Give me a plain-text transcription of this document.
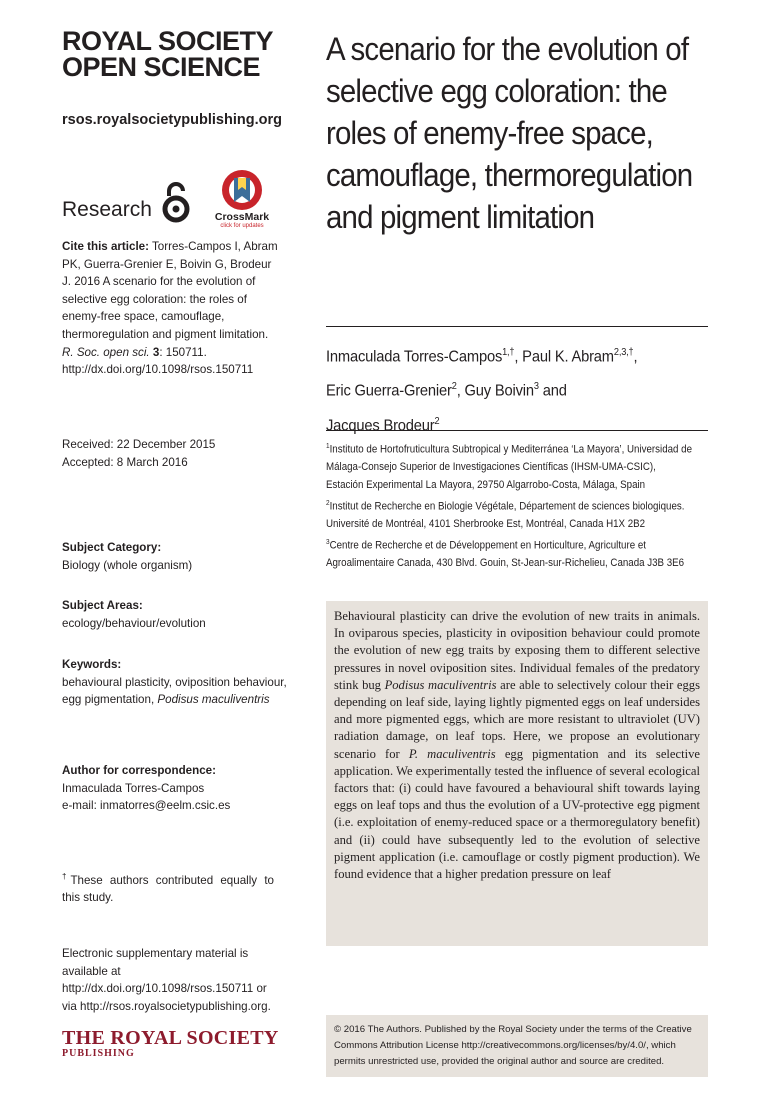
ROYAL SOCIETY
OPEN SCIENCE
rsos.royalsocietypublishing.org
Research	CrossMark
click for updates
Cite this article: Torres-Campos I, Abram PK, Guerra-Grenier E, Boivin G, Brodeur J. 2016 A scenario for the evolution of selective egg coloration: the roles of enemy-free space, camouflage, thermoregulation and pigment limitation. R. Soc. open sci. 3: 150711. http://dx.doi.org/10.1098/rsos.150711
Received: 22 December 2015
Accepted: 8 March 2016
Subject Category:
Biology (whole organism)
Subject Areas:
ecology/behaviour/evolution
Keywords:
behavioural plasticity, oviposition behaviour,
egg pigmentation, Podisus maculiventris
Author for correspondence:
Inmaculada Torres-Campos
e-mail: inmatorres@eelm.csic.es
†These authors contributed equally to this study.
Electronic supplementary material is available at http://dx.doi.org/10.1098/rsos.150711 or via http://rsos.royalsocietypublishing.org.
THE ROYAL SOCIETY
PUBLISHING
A scenario for the evolution of selective egg coloration: the roles of enemy-free space, camouflage, thermoregulation and pigment limitation
Inmaculada Torres-Campos$^{1,\dagger}$, Paul K. Abram$^{2,3,\dagger}$,
Eric Guerra-Grenier$^2$, Guy Boivin$^3$ and
Jacques Brodeur$^2$
$^1$Instituto de Hortofruticultura Subtropical y Mediterránea ‘La Mayora’, Universidad de
Málaga-Consejo Superior de Investigaciones Científicas (IHSM-UMA-CSIC),
Estación Experimental La Mayora, 29750 Algarrobo-Costa, Málaga, Spain
$^2$Institut de Recherche en Biologie Végétale, Département de sciences biologiques.
Université de Montréal, 4101 Sherbrooke Est, Montréal, Canada H1X 2B2
$^3$Centre de Recherche et de Développement en Horticulture, Agriculture et
Agroalimentaire Canada, 430 Blvd. Gouin, St-Jean-sur-Richelieu, Canada J3B 3E6

Behavioural plasticity can drive the evolution of new traits in animals. In oviparous species, plasticity in oviposition behaviour could promote the evolution of new egg traits by exposing them to different selective pressures in novel oviposition sites. Individual females of the predatory stink bug Podisus maculiventris are able to selectively colour their eggs depending on leaf side, laying lightly pigmented eggs on leaf undersides and more pigmented eggs, which are more resistant to ultraviolet (UV) radiation damage, on leaf tops. Here, we propose an evolutionary scenario for P. maculiventris egg pigmentation and its selective application. We experimentally tested the influence of several ecological factors that: (i) could have favoured a behavioural shift towards laying eggs on leaf tops and thus the evolution of a UV-protective egg pigment (i.e. exploitation of enemy-reduced space or a thermoregulatory benefit) and (ii) could have subsequently led to the evolution of selective pigment application (i.e. camouflage or costly pigment production). We found evidence that a higher predation pressure on leaf

© 2016 The Authors. Published by the Royal Society under the terms of the Creative Commons Attribution License http://creativecommons.org/licenses/by/4.0/, which permits unrestricted use, provided the original author and source are credited.
